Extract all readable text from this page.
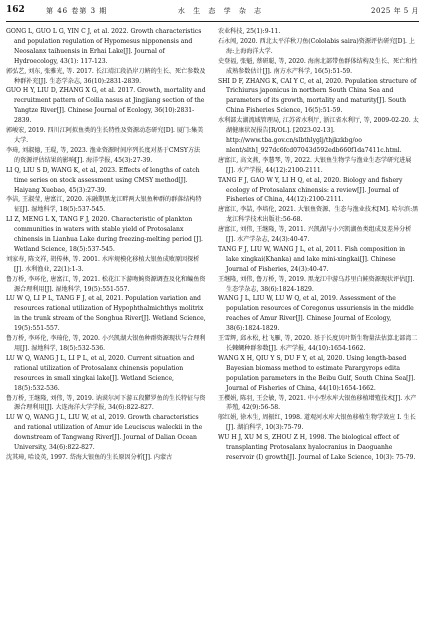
162	第 46 卷第 3 期	水 生 态 学 杂 志	2025 年 5 月

GONG L, GUO L G, YIN C J, et al. 2022. Growth characteristics and population regulation of Hypomesus nipponensis and Neosalanx taihuensis in Erhai Lake[J]. Journal of Hydroecology, 43(1): 117-123.

郭弘艺, 刘东, 张雅光, 等. 2017. 长江靖江段沿岸刀鲚的生长、死亡参数及种群补充[J]. 生态学杂志, 36(10):2831-2839.

GUO H Y, LIU D, ZHANG X G, et al. 2017. Growth, mortality and recruitment pattern of Coilia nasus at Jingjiang section of the Yangtze River[J]. Chinese Journal of Ecology, 36(10):2831-2839.

郭峻宏, 2019. 四川江阿拟鱼类的生长特性及资源动态研究[D]. 厦门:集美大学.

李琦, 刘淑德, 王琨, 等, 2023. 渔业资源时间序列长度对基于CMSY方法的资源评估结果的影响[J]. 海洋学报, 45(3):27-39.

LI Q, LIU S D, WANG K, et al, 2023. Effects of lengths of catch time series on stock assessment using CMSY method[J]. Haiyang Xuebao, 45(3):27-39.

李洁, 王淑莹, 唐富江, 2020. 冻融期黑龙江畔两大银鱼种群的群落结构特征[J]. 湿地科学, 18(5):537-545.

LI Z, MENG L X, TANG F J, 2020. Characteristic of plankton communities in waters with stable yield of Protosalanx chinensis in Lianhua Lake during freezing-melting period [J]. Wetland Science, 18(5):537-545.

刘家寿, 陈文祥, 胡传林, 等. 2001. 水库规模化移植大银鱼成败原因探析[J]. 水利渔业, 22(1):1-3.

鲁万桥, 李环伦, 唐富江, 等, 2021. 松花江下游吻鮈资源调查及化和鳊鱼资源合理利用[J]. 湿地科学, 19(5):551-557.

LU W Q, LI P L, TANG F J, et al, 2021. Population variation and resources rational utilization of Hypophthalmichthys molitrix in the trunk stream of the Songhua River[J]. Wetland Science, 19(5):551-557.

鲁万桥, 李环伦, 李琦伦, 等, 2020. 小兴凯湖大银鱼种群资源现状与合理利用[J]. 湿地科学, 18(5):532-536.

LU W Q, WANG J L, LI P L, et al, 2020. Current situation and rational utilization of Protosalanx chinensis population resources in small xingkai lake[J]. Wetland Science, 18(5):532-536.

鲁万桥, 王继隆, 刘伟, 等, 2019. 讷谟尔河下游五段鬱罗鱼的生长特征与资源合理利用[J]. 大连海洋大学学报, 34(6):822-827.

LU W Q, WANG J L, LIU W, et al, 2019. Growth characteristics and rational utilization of Amur ide Leuciscus waleckii in the downstream of Tangwang River[J]. Journal of Dalian Ocean University, 34(6):822-827.

沈其璋, 哈设英, 1997. 岱海大银鱼的生长原因分析[J]. 内蒙古

农业科技, 25(1):9-11.

石永闯, 2020. 西北太平洋秋刀鱼(Cololabis saira)资源评估研究[D]. 上海:上海海洋大学.

史登福, 张魁, 蔡研聪, 等, 2020. 海南北部带鱼群体结构及生长、死亡和性成熟参数估计[J]. 南方水产科学, 16(5):51-59.

SHI D F, ZHANG K, CAI Y C, et al, 2020. Population structure of Trichiurus japonicus in northern South China Sea and parameters of its growth, mortality and maturity[J]. South China Fisheries Science, 16(5):51-59.

水利部太湖流域管理局, 江苏省水利厅, 浙江省水利厅, 等, 2009-02-20. 太湖健康状况报告[R/OL]. [2023-02-13]. http://www.tba.gov.cn/slbthlyglj/thjkzkbg/oo nlent/slth]_927dc6fcd07043d592edb660f1da7411c.html.

唐富江, 高文燕, 李慧琴, 等, 2022. 大银鱼生物学与渔业生态学研究进展[J]. 水产学报, 44(12):2100-2111.

TANG F J, GAO W Y, LI H Q, et al, 2020. Biology and fishery ecology of Protosalanx chinensis: a review[J]. Journal of Fisheries of China, 44(12):2100-2111.

唐富江, 李喆, 李培伦, 2021. 大银鱼资源、生态与渔业技术[M]. 哈尔滨:黑龙江科学技术出版社:56-68.

唐富江, 刘伟, 王继隆, 等, 2011. 兴凯湖与小兴凯湖鱼类组成及差异分析[J]. 水产学杂志, 24(3):40-47.

TANG F J, LIU W, WANG J L, et al, 2011. Fish composition in lake xingkai(Khanka) and lake mini-xingkai[J]. Chinese Journal of Fisheries, 24(3):40-47.

王继隆, 刘伟, 鲁万桥, 等, 2019. 黑龙江中游乌苏里白鲑资源现状评估[J]. 生态学杂志, 38(6):1824-1829.

WANG J L, LIU W, LU W Q, et al, 2019. Assessment of the population resources of Coregonus ussuriensis in the middle reaches of Amur River[J]. Chinese Journal of Ecology, 38(6):1824-1829.

王雪辉, 邱永松, 杜飞雁, 等, 2020. 基于长度贝叶斯生物量法估算北部湾二长棘鲷种群参数[J]. 水产学报, 44(10):1654-1662.

WANG X H, QIU Y S, DU F Y, et al, 2020. Using length-based Bayesian biomass method to estimate Parargyrops edita population parameters in the Beibu Gulf, South China Sea[J]. Journal of Fisheries of China, 44(10):1654-1662.

王樱娟, 陈羽, 王会敏, 等, 2021. 中小型水库大银鱼移植增殖技术[J]. 水产养殖, 42(9):56-58.

邬红娟, 徐木生, 周振红, 1998. 道观河水库大银鱼移植生物学效应 I. 生长[J]. 湖泊科学, 10(3):75-79.

WU H J, XU M S, ZHOU Z H, 1998. The biological effect of transplanting Protosalanx hyalocranius in Daoguanhe reservoir (Ⅰ) growth[J]. Journal of Lake Science, 10(3): 75-79.
